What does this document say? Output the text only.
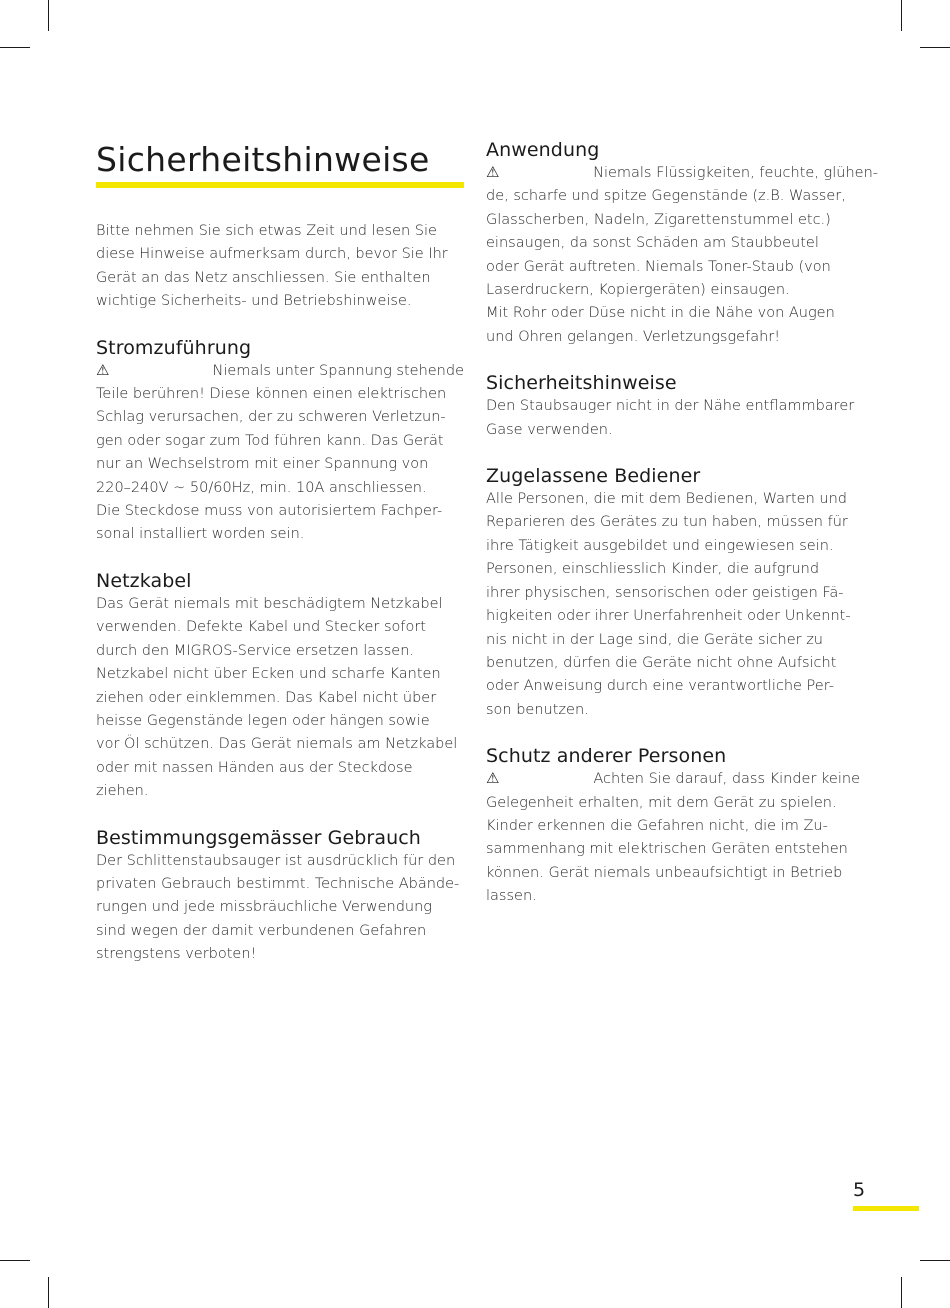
Sicherheitshinweise

Bitte nehmen Sie sich etwas Zeit und lesen Sie
diese Hinweise aufmerksam durch, bevor Sie Ihr
Gerät an das Netz anschliessen. Sie enthalten
wichtige Sicherheits- und Betriebshinweise.

Stromzuführung
⚠	Niemals unter Spannung stehende

Teile berühren! Diese können einen elektrischen
Schlag verursachen, der zu schweren Verletzun-
gen oder sogar zum Tod führen kann. Das Gerät
nur an Wechselstrom mit einer Spannung von
220–240V ~ 50/60Hz, min. 10A anschliessen.
Die Steckdose muss von autorisiertem Fachper-
sonal installiert worden sein.

Netzkabel

Das Gerät niemals mit beschädigtem Netzkabel
verwenden. Defekte Kabel und Stecker sofort
durch den MIGROS-Service ersetzen lassen.
Netzkabel nicht über Ecken und scharfe Kanten
ziehen oder einklemmen. Das Kabel nicht über
heisse Gegenstände legen oder hängen sowie
vor Öl schützen. Das Gerät niemals am Netzkabel
oder mit nassen Händen aus der Steckdose
ziehen.

Bestimmungsgemässer Gebrauch

Der Schlittenstaubsauger ist ausdrücklich für den
privaten Gebrauch bestimmt. Technische Abände-
rungen und jede missbräuchliche Verwendung
sind wegen der damit verbundenen Gefahren
strengstens verboten!

Anwendung
⚠	Niemals Flüssigkeiten, feuchte, glühen-

de, scharfe und spitze Gegenstände (z.B. Wasser,
Glasscherben, Nadeln, Zigarettenstummel etc.)
einsaugen, da sonst Schäden am Staubbeutel
oder Gerät auftreten. Niemals Toner-Staub (von
Laserdruckern, Kopiergeräten) einsaugen.
Mit Rohr oder Düse nicht in die Nähe von Augen
und Ohren gelangen. Verletzungsgefahr!

Sicherheitshinweise

Den Staubsauger nicht in der Nähe entflammbarer
Gase verwenden.

Zugelassene Bediener

Alle Personen, die mit dem Bedienen, Warten und
Reparieren des Gerätes zu tun haben, müssen für
ihre Tätigkeit ausgebildet und eingewiesen sein.
Personen, einschliesslich Kinder, die aufgrund
ihrer physischen, sensorischen oder geistigen Fä-
higkeiten oder ihrer Unerfahrenheit oder Unkennt-
nis nicht in der Lage sind, die Geräte sicher zu
benutzen, dürfen die Geräte nicht ohne Aufsicht
oder Anweisung durch eine verantwortliche Per-
son benutzen.

Schutz anderer Personen
⚠	Achten Sie darauf, dass Kinder keine

Gelegenheit erhalten, mit dem Gerät zu spielen.
Kinder erkennen die Gefahren nicht, die im Zu-
sammenhang mit elektrischen Geräten entstehen
können. Gerät niemals unbeaufsichtigt in Betrieb
lassen.

5
